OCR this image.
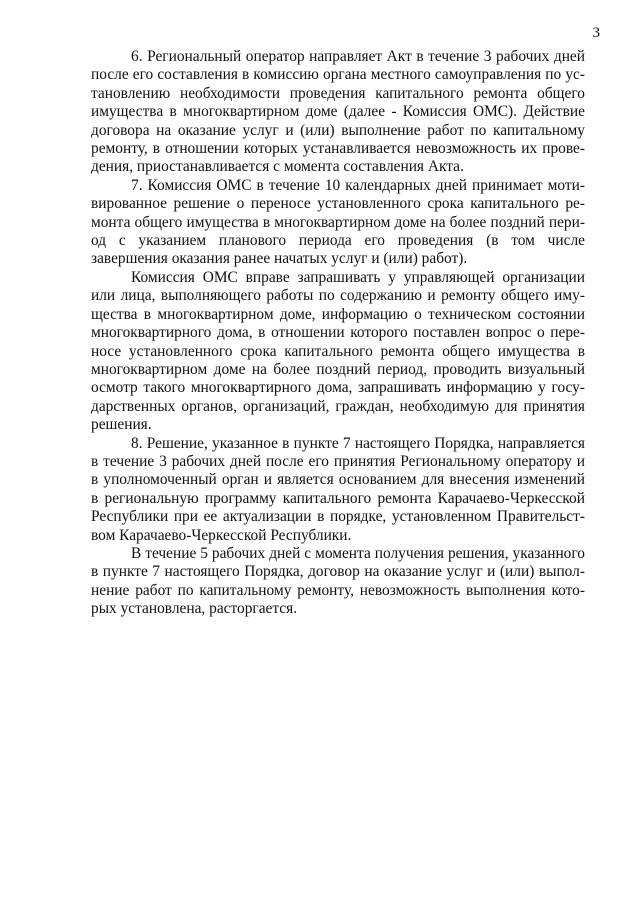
3

6. Региональный оператор направляет Акт в течение 3 рабочих дней после его составления в комиссию органа местного самоуправления по установлению необходимости проведения капитального ремонта общего имущества в многоквартирном доме (далее - Комиссия ОМС). Действие договора на оказание услуг и (или) выполнение работ по капитальному ремонту, в отношении которых устанавливается невозможность их проведения, приостанавливается с момента составления Акта.

7. Комиссия ОМС в течение 10 календарных дней принимает мотивированное решение о переносе установленного срока капитального ремонта общего имущества в многоквартирном доме на более поздний период с указанием планового периода его проведения (в том числе завершения оказания ранее начатых услуг и (или) работ).

Комиссия ОМС вправе запрашивать у управляющей организации или лица, выполняющего работы по содержанию и ремонту общего имущества в многоквартирном доме, информацию о техническом состоянии многоквартирного дома, в отношении которого поставлен вопрос о переносе установленного срока капитального ремонта общего имущества в многоквартирном доме на более поздний период, проводить визуальный осмотр такого многоквартирного дома, запрашивать информацию у государственных органов, организаций, граждан, необходимую для принятия решения.

8. Решение, указанное в пункте 7 настоящего Порядка, направляется в течение 3 рабочих дней после его принятия Региональному оператору и в уполномоченный орган и является основанием для внесения изменений в региональную программу капитального ремонта Карачаево-Черкесской Республики при ее актуализации в порядке, установленном Правительством Карачаево-Черкесской Республики.

В течение 5 рабочих дней с момента получения решения, указанного в пункте 7 настоящего Порядка, договор на оказание услуг и (или) выполнение работ по капитальному ремонту, невозможность выполнения которых установлена, расторгается.
